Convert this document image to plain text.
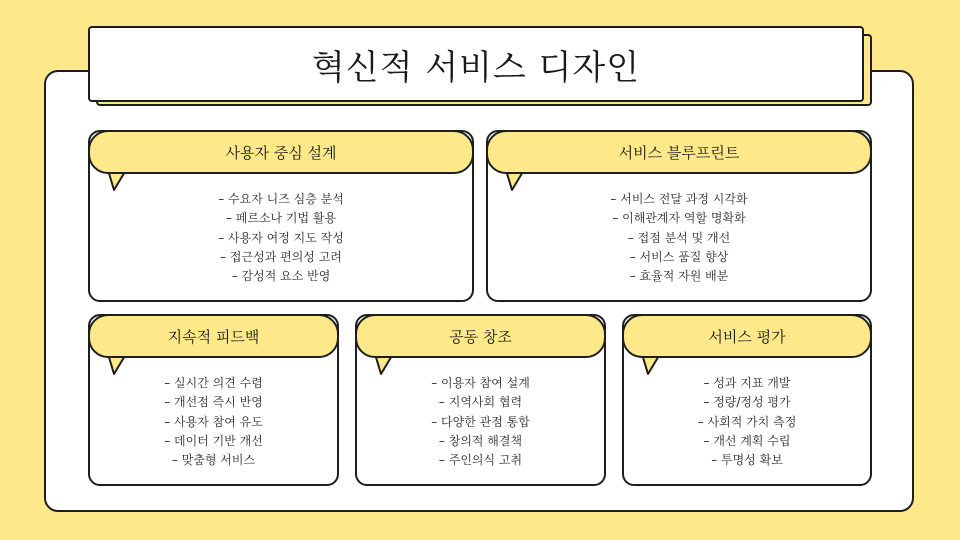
혁신적 서비스 디자인
사용자 중심 설계
– 수요자 니즈 심층 분석
– 페르소나 기법 활용
– 사용자 여정 지도 작성
– 접근성과 편의성 고려
– 감성적 요소 반영
서비스 블루프린트
– 서비스 전달 과정 시각화
– 이해관계자 역할 명확화
– 접점 분석 및 개선
– 서비스 품질 향상
– 효율적 자원 배분
지속적 피드백
– 실시간 의견 수렴
– 개선점 즉시 반영
– 사용자 참여 유도
– 데이터 기반 개선
– 맞춤형 서비스
공동 창조
– 이용자 참여 설계
– 지역사회 협력
– 다양한 관점 통합
– 창의적 해결책
– 주인의식 고취
서비스 평가
– 성과 지표 개발
– 정량/정성 평가
– 사회적 가치 측정
– 개선 계획 수립
– 투명성 확보
